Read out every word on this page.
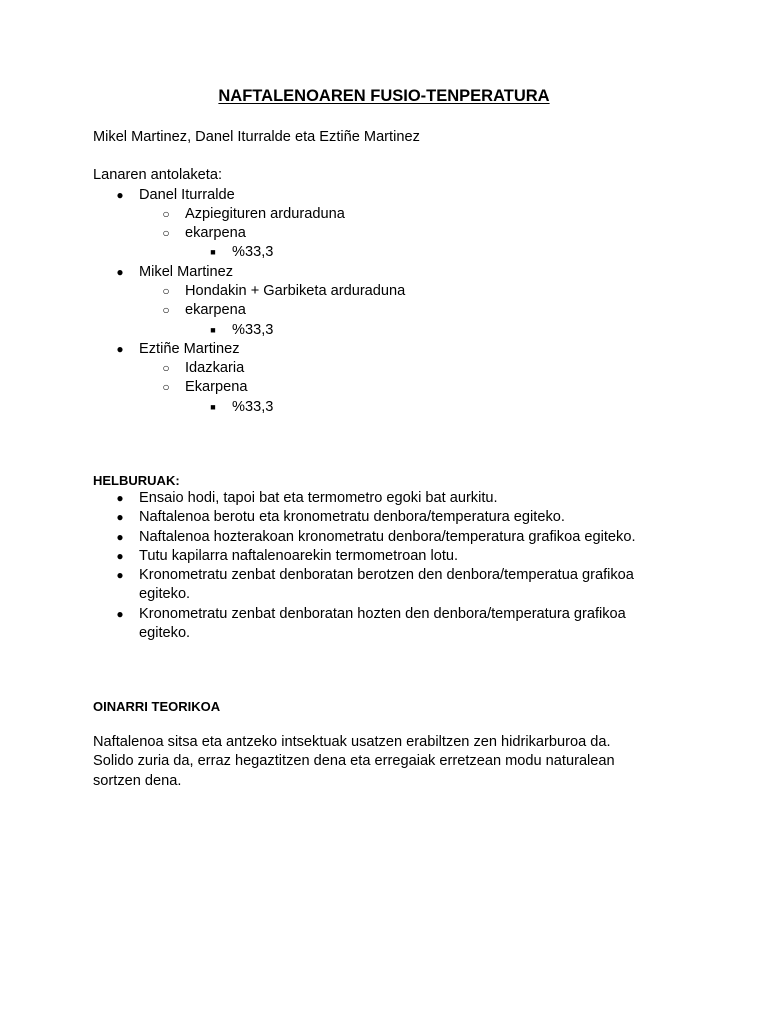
NAFTALENOAREN FUSIO-TENPERATURA

Mikel Martinez, Danel Iturralde eta Eztiñe Martinez

Lanaren antolaketa:

● Danel Iturralde
○ Azpiegituren arduraduna
○ ekarpena
■ %33,3
● Mikel Martinez
○ Hondakin + Garbiketa arduraduna
○ ekarpena
■ %33,3
● Eztiñe Martinez
○ Idazkaria
○ Ekarpena
■ %33,3

HELBURUAK:

● Ensaio hodi, tapoi bat eta termometro egoki bat aurkitu.
● Naftalenoa berotu eta kronometratu denbora/temperatura egiteko.
● Naftalenoa hozterakoan kronometratu denbora/temperatura grafikoa egiteko.
● Tutu kapilarra naftalenoarekin termometroan lotu.
● Kronometratu zenbat denboratan berotzen den denbora/temperatua grafikoa
egiteko.
● Kronometratu zenbat denboratan hozten den denbora/temperatura grafikoa
egiteko.

OINARRI TEORIKOA

Naftalenoa sitsa eta antzeko intsektuak usatzen erabiltzen zen hidrikarburoa da.
Solido zuria da, erraz hegaztitzen dena eta erregaiak erretzean modu naturalean
sortzen dena.
